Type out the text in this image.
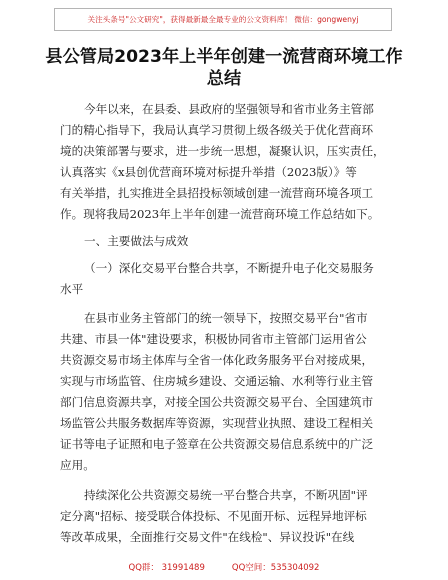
关注头条号"公文研究"，获得最新最全最专业的公文资料库！ 微信：gongwenyj
县公管局2023年上半年创建一流营商环境工作
总结
今年以来，在县委、县政府的坚强领导和省市业务主管部
门的精心指导下，我局认真学习贯彻上级各级关于优化营商环
境的决策部署与要求，进一步统一思想，凝聚认识，压实责任，
认真落实《x县创优营商环境对标提升举措（2023版）》等
有关举措，扎实推进全县招投标领域创建一流营商环境各项工
作。现将我局2023年上半年创建一流营商环境工作总结如下。
一、主要做法与成效
（一）深化交易平台整合共享，不断提升电子化交易服务
水平
在县市业务主管部门的统一领导下，按照交易平台"省市
共建、市县一体"建设要求，积极协同省市主管部门运用省公
共资源交易市场主体库与全省一体化政务服务平台对接成果，
实现与市场监管、住房城乡建设、交通运输、水利等行业主管
部门信息资源共享，对接全国公共资源交易平台、全国建筑市
场监管公共服务数据库等资源，实现营业执照、建设工程相关
证书等电子证照和电子签章在公共资源交易信息系统中的广泛
应用。
持续深化公共资源交易统一平台整合共享，不断巩固"评
定分离"招标、接受联合体投标、不见面开标、远程异地评标
等改革成果，全面推行交易文件"在线检"、异议投诉"在线
QQ群： 31991489          QQ空间：535304092
